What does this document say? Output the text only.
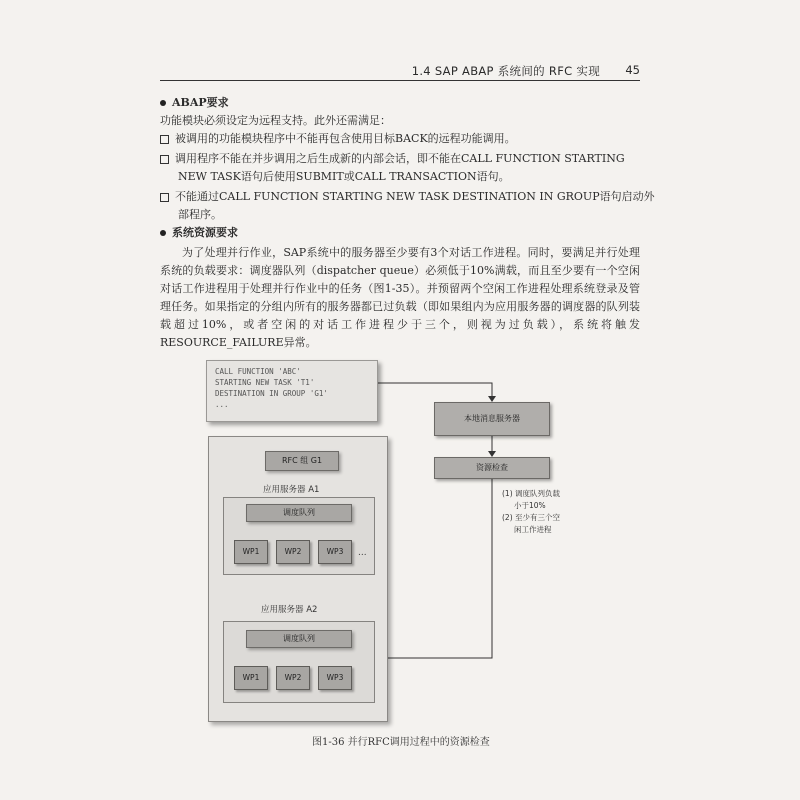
1.4 SAP ABAP 系统间的 RFC 实现 45
ABAP要求
功能模块必须设定为远程支持。此外还需满足：
被调用的功能模块程序中不能再包含使用目标BACK的远程功能调用。
调用程序不能在并步调用之后生成新的内部会话，即不能在CALL FUNCTION STARTING
NEW TASK语句后使用SUBMIT或CALL TRANSACTION语句。
不能通过CALL FUNCTION STARTING NEW TASK DESTINATION IN GROUP语句启动外
部程序。
系统资源要求
为了处理并行作业，SAP系统中的服务器至少要有3个对话工作进程。同时，要满足并行处理系统的负载要求：调度器队列（dispatcher queue）必须低于10%满载，而且至少要有一个空闲对话工作进程用于处理并行作业中的任务（图1-35）。并预留两个空闲工作进程处理系统登录及管理任务。如果指定的分组内所有的服务器都已过负载（即如果组内为应用服务器的调度器的队列装载超过10%，或者空闲的对话工作进程少于三个，则视为过负载），系统将触发RESOURCE_FAILURE异常。
CALL FUNCTION 'ABC'
STARTING NEW TASK 'T1'
DESTINATION IN GROUP 'G1'
...
本地消息服务器
资源检查
(1) 调度队列负载
小于10%
(2) 至少有三个空
闲工作进程
RFC 组 G1
应用服务器 A1
调度队列
WP1	WP2	WP3	...
应用服务器 A2
调度队列
WP1	WP2	WP3
图1-36 并行RFC调用过程中的资源检查
